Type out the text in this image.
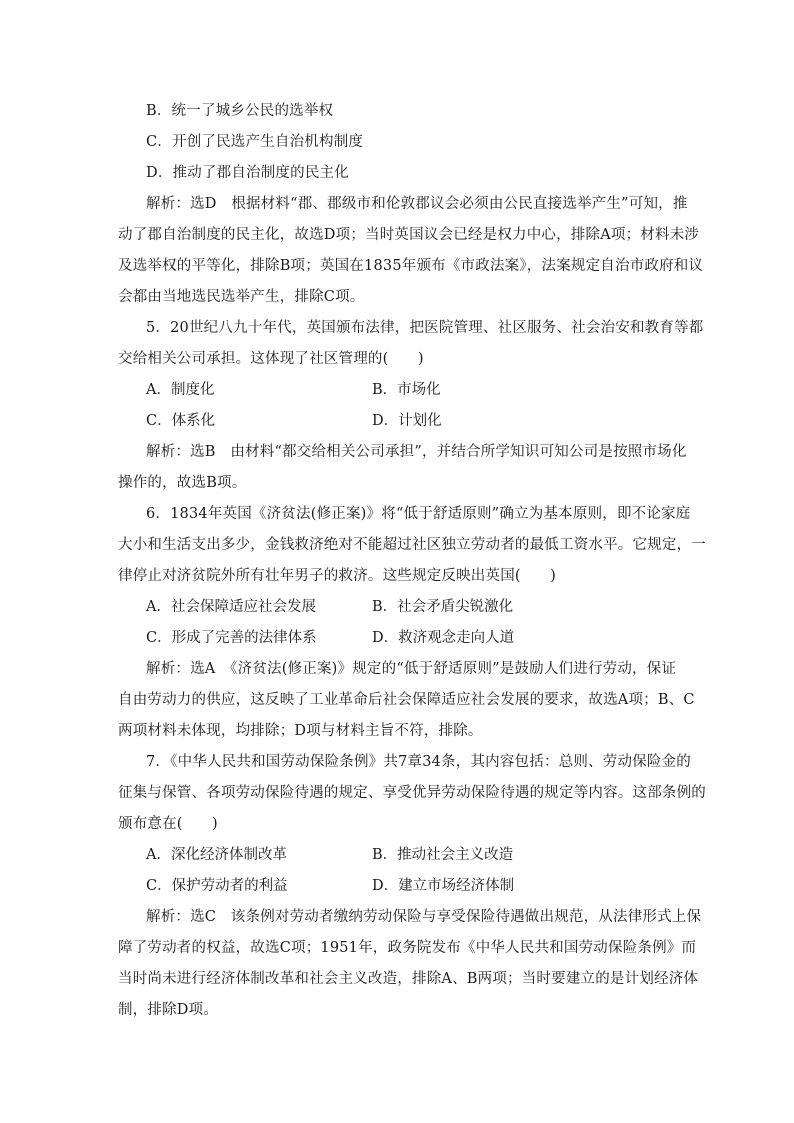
B．统一了城乡公民的选举权
C．开创了民选产生自治机构制度
D．推动了郡自治制度的民主化
解析：选D　根据材料“郡、郡级市和伦敦郡议会必须由公民直接选举产生”可知，推
动了郡自治制度的民主化，故选D项；当时英国议会已经是权力中心，排除A项；材料未涉
及选举权的平等化，排除B项；英国在1835年颁布《市政法案》，法案规定自治市政府和议
会都由当地选民选举产生，排除C项。
5．20世纪八九十年代，英国颁布法律，把医院管理、社区服务、社会治安和教育等都
交给相关公司承担。这体现了社区管理的(　　)
A．制度化	B．市场化
C．体系化	D．计划化
解析：选B　由材料“都交给相关公司承担”，并结合所学知识可知公司是按照市场化
操作的，故选B项。
6．1834年英国《济贫法(修正案)》将“低于舒适原则”确立为基本原则，即不论家庭
大小和生活支出多少，金钱救济绝对不能超过社区独立劳动者的最低工资水平。它规定，一
律停止对济贫院外所有壮年男子的救济。这些规定反映出英国(　　)
A．社会保障适应社会发展	B．社会矛盾尖锐激化
C．形成了完善的法律体系	D．救济观念走向人道
解析：选A　《济贫法(修正案)》规定的“低于舒适原则”是鼓励人们进行劳动，保证
自由劳动力的供应，这反映了工业革命后社会保障适应社会发展的要求，故选A项；B、C
两项材料未体现，均排除；D项与材料主旨不符，排除。
7．《中华人民共和国劳动保险条例》共7章34条，其内容包括：总则、劳动保险金的
征集与保管、各项劳动保险待遇的规定、享受优异劳动保险待遇的规定等内容。这部条例的
颁布意在(　　)
A．深化经济体制改革	B．推动社会主义改造
C．保护劳动者的利益	D．建立市场经济体制
解析：选C　该条例对劳动者缴纳劳动保险与享受保险待遇做出规范，从法律形式上保
障了劳动者的权益，故选C项；1951年，政务院发布《中华人民共和国劳动保险条例》而
当时尚未进行经济体制改革和社会主义改造，排除A、B两项；当时要建立的是计划经济体
制，排除D项。
